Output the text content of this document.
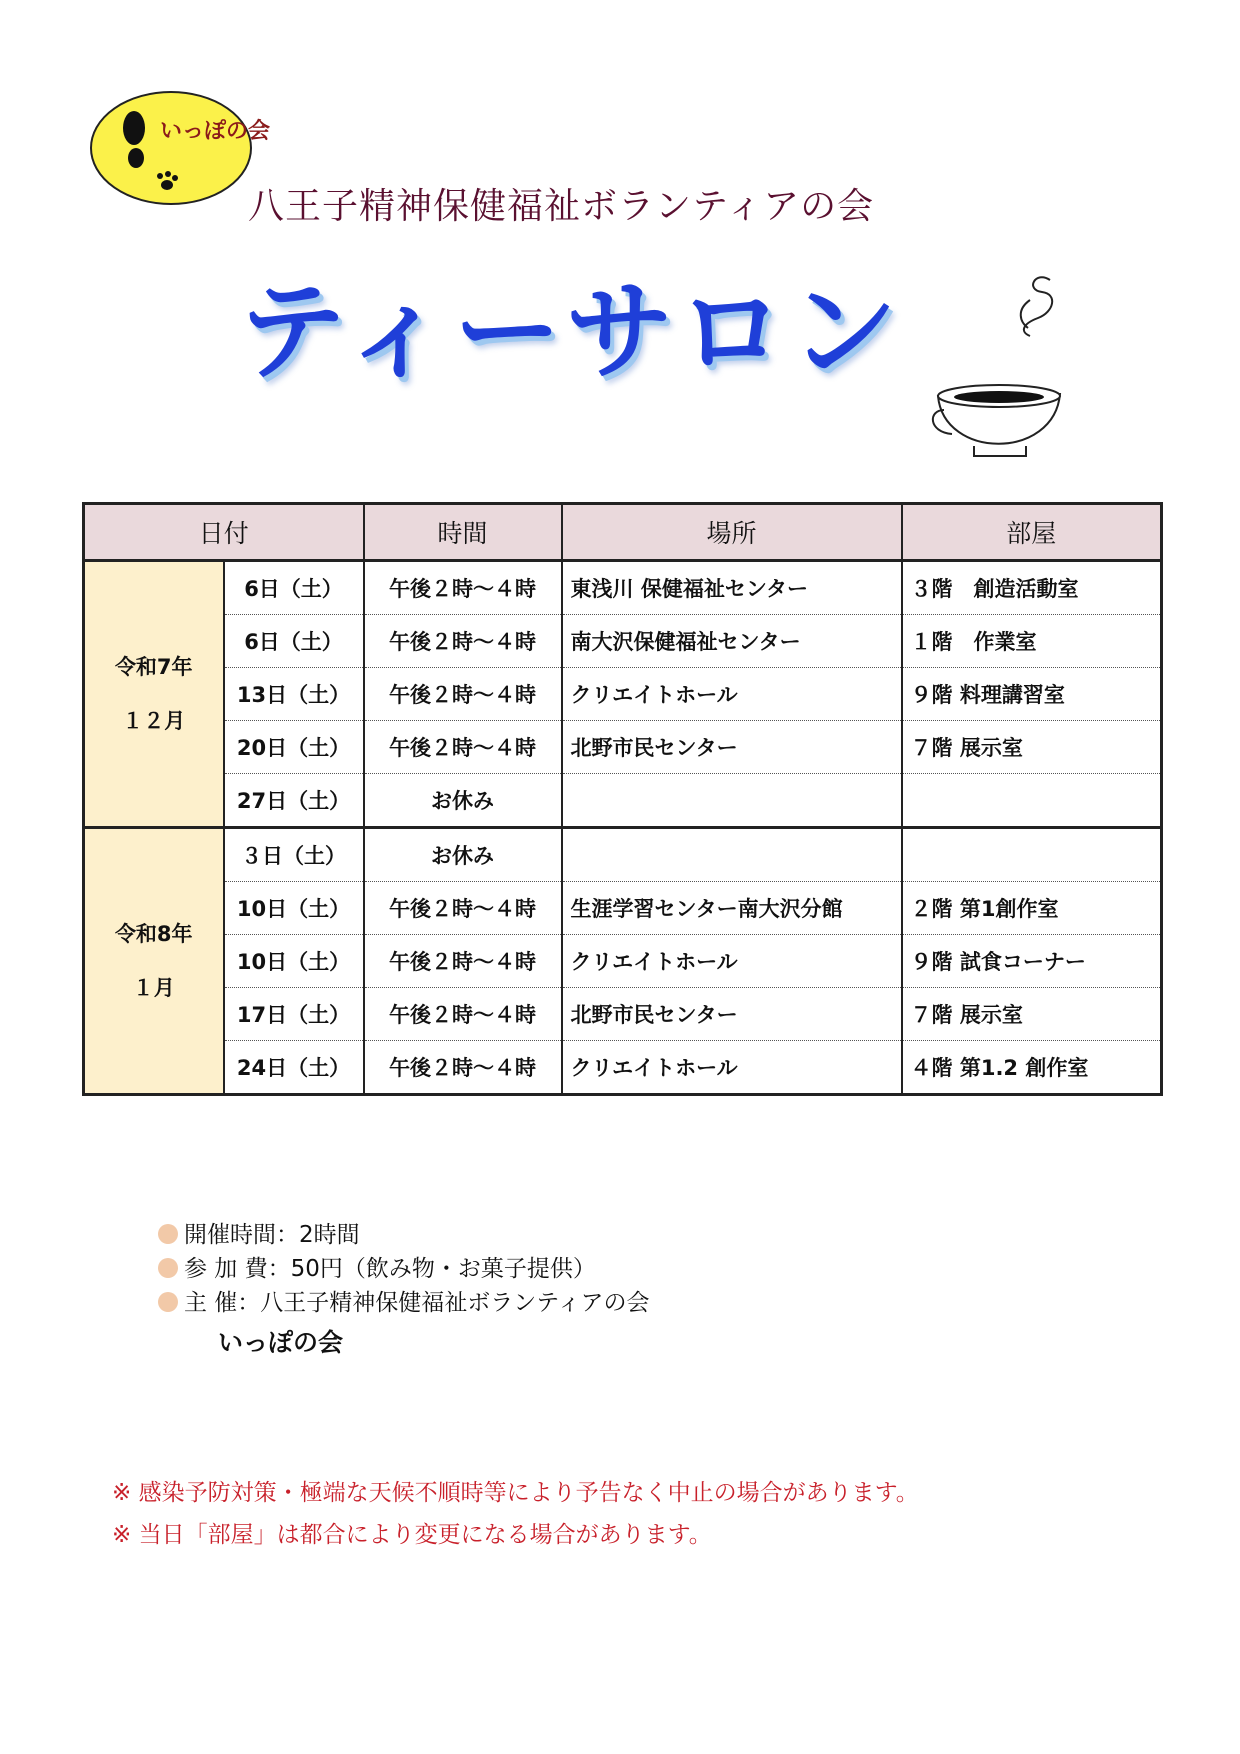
いっぽの会
八王子精神保健福祉ボランティアの会
ティーサロン
日付		時間	場所	部屋

令和7年
１２月	6日（土）	午後２時～４時	東浅川 保健福祉センター	３階　創造活動室
	6日（土）	午後２時～４時	南大沢保健福祉センター	１階　作業室
	13日（土）	午後２時～４時	クリエイトホール	９階 料理講習室
	20日（土）	午後２時～４時	北野市民センター	７階 展示室
	27日（土）	お休み		

令和8年
１月	３日（土）	お休み		
	10日（土）	午後２時～４時	生涯学習センター南大沢分館	２階 第1創作室
	10日（土）	午後２時～４時	クリエイトホール	９階 試食コーナー
	17日（土）	午後２時～４時	北野市民センター	７階 展示室
	24日（土）	午後２時～４時	クリエイトホール	４階 第1.2 創作室
開催時間：2時間
参 加 費：50円（飲み物・お菓子提供）
主 催：八王子精神保健福祉ボランティアの会
いっぽの会
※ 感染予防対策・極端な天候不順時等により予告なく中止の場合があります。
※ 当日「部屋」は都合により変更になる場合があります。
